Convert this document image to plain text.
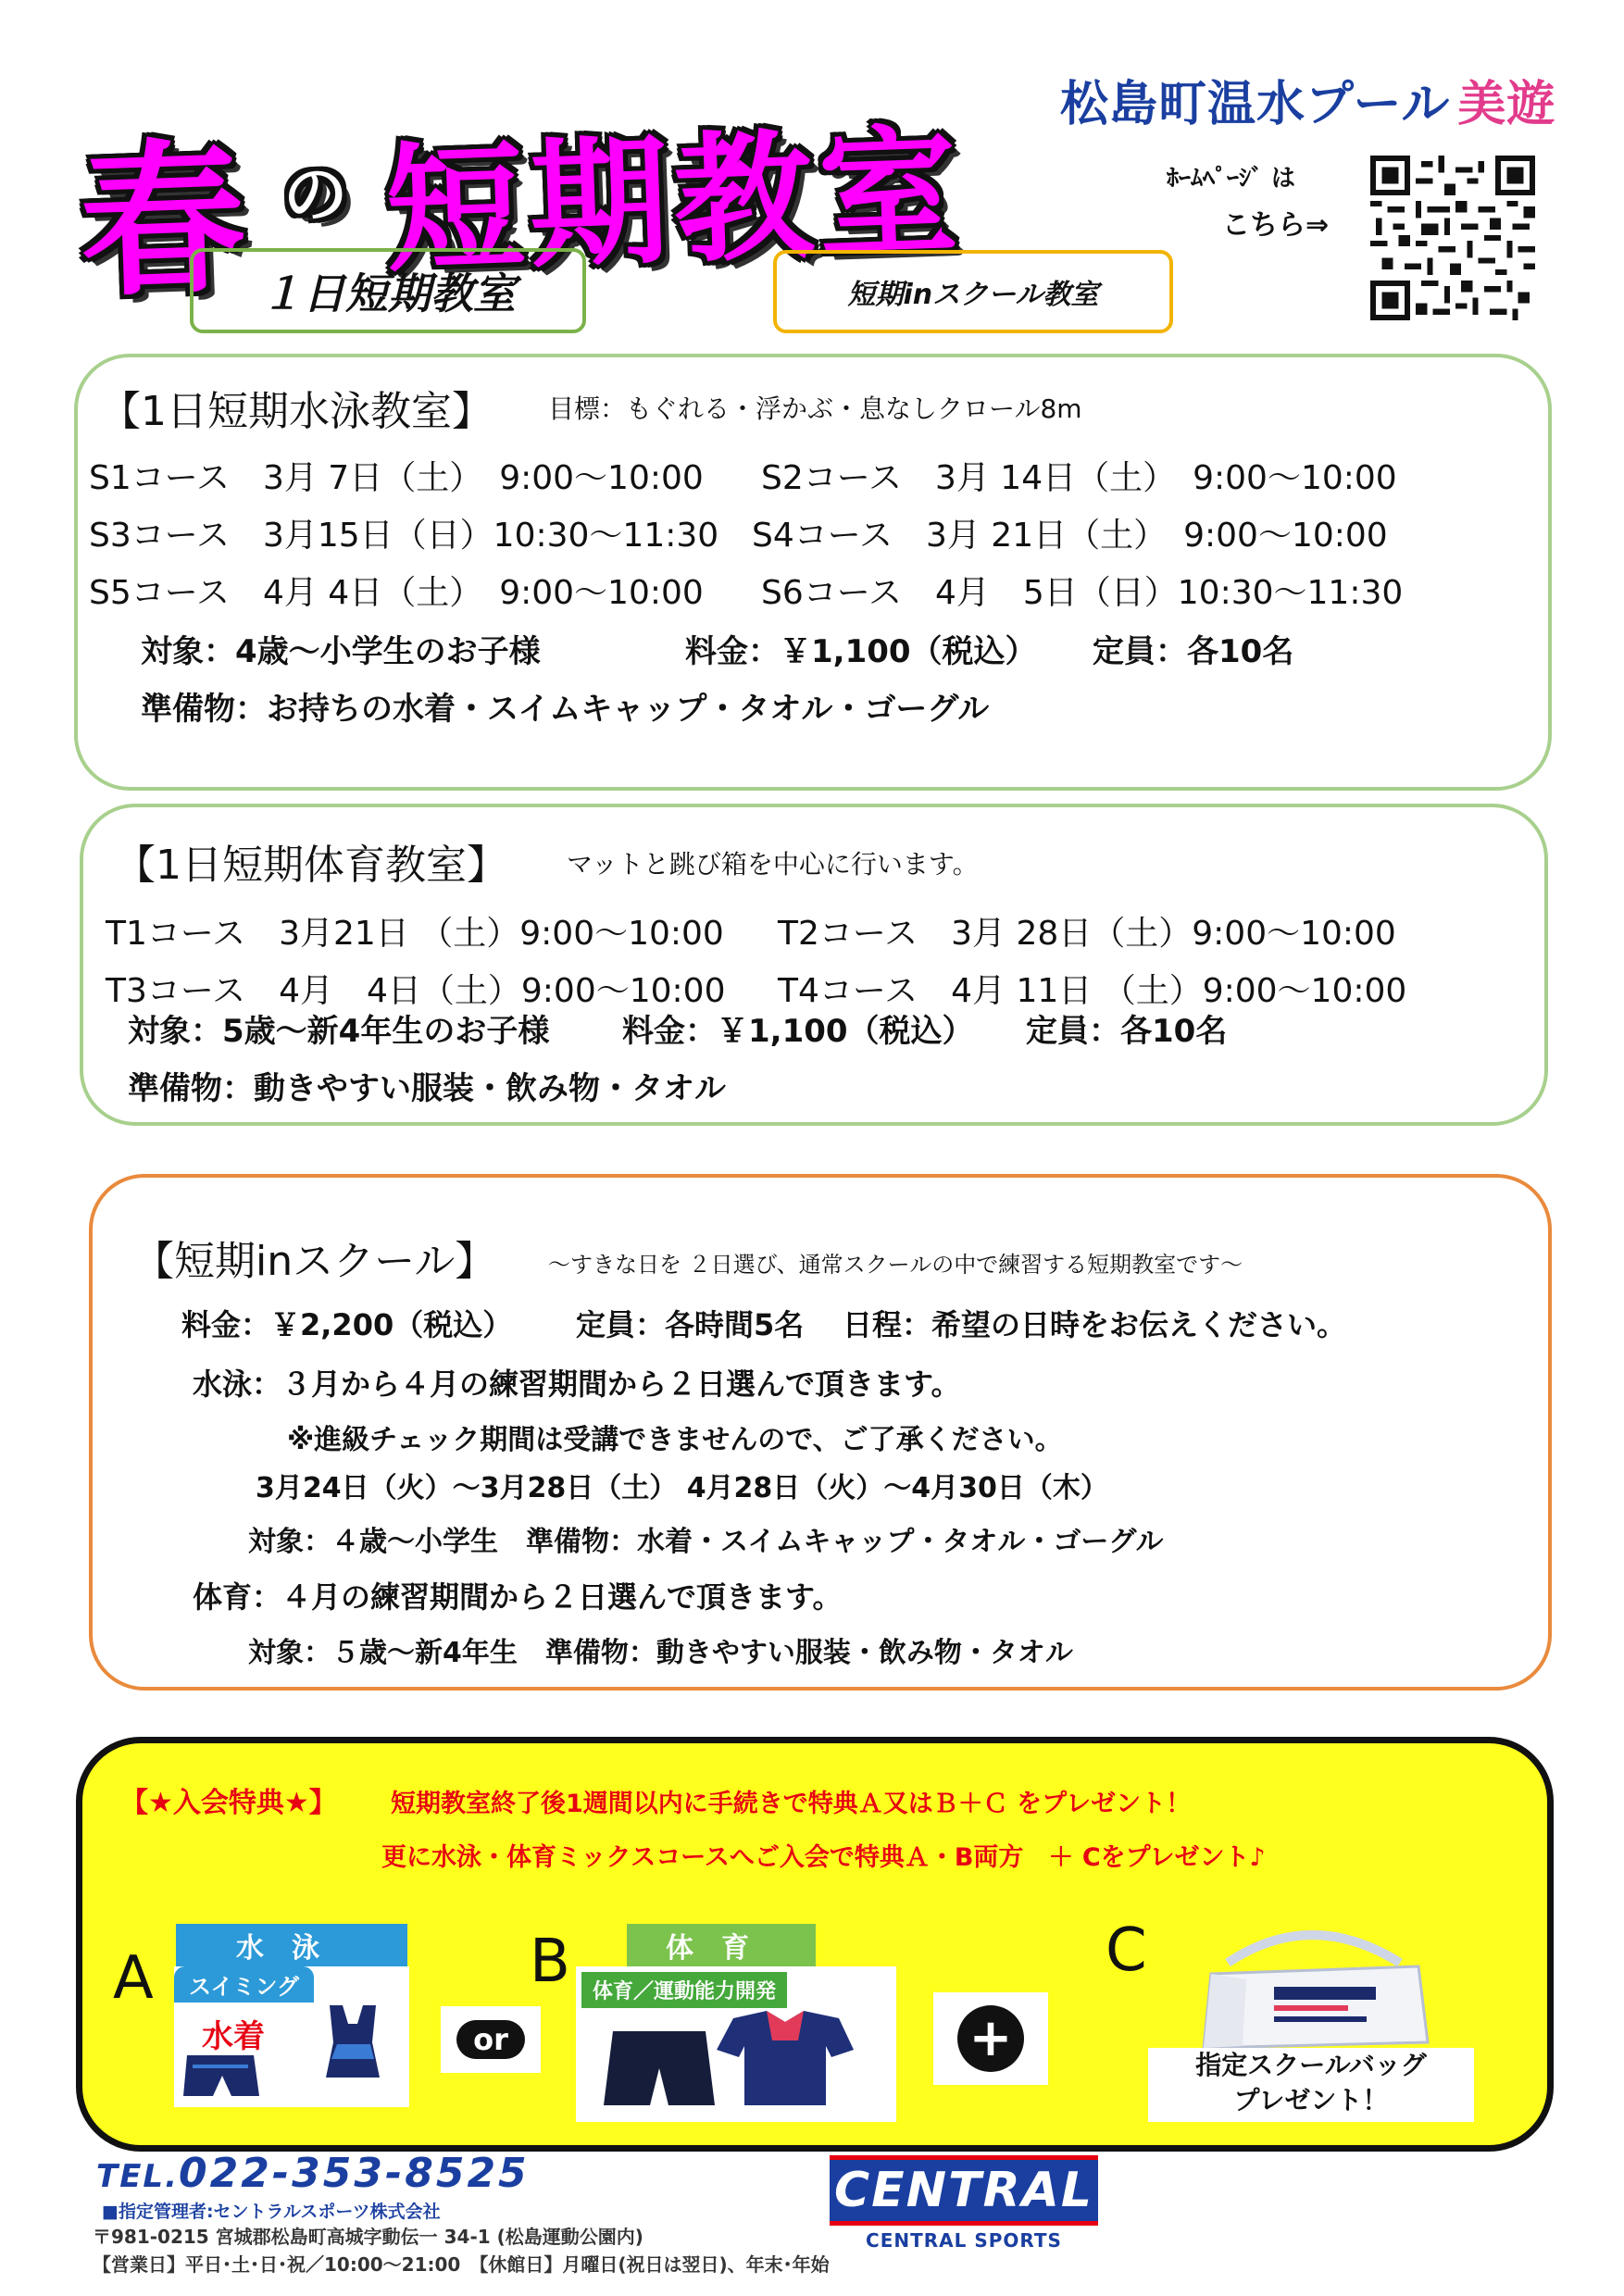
春 の 短期教室
松島町温水プール 美遊
ﾎｰﾑﾍﾟｰｼﾞ は
こちら⇒
１日短期教室	短期inスクール教室
【1日短期水泳教室】 目標：もぐれる・浮かぶ・息なしクロール8m
S1コース　3月 7日（土）　9:00～10:00 S2コース　3月 14日（土）　9:00～10:00
S3コース　3月15日（日）10:30～11:30 S4コース　3月 21日（土）　9:00～10:00
S5コース　4月 4日（土）　9:00～10:00 S6コース　4月　5日（日）10:30～11:30
対象：4歳～小学生のお子様	料金：￥1,100（税込） 定員：各10名
準備物：お持ちの水着・スイムキャップ・タオル・ゴーグル
【1日短期体育教室】 マットと跳び箱を中心に行います。
T1コース　3月21日 （土）9:00～10:00 T2コース　3月 28日（土）9:00～10:00
T3コース　4月　4日（土）9:00～10:00 T4コース　4月 11日 （土）9:00～10:00
対象：5歳～新4年生のお子様 料金：￥1,100（税込） 定員：各10名
準備物：動きやすい服装・飲み物・タオル
【短期inスクール】 ～すきな日を ２日選び、通常スクールの中で練習する短期教室です～
料金：￥2,200（税込） 定員：各時間5名 日程：希望の日時をお伝えください。
水泳：３月から４月の練習期間から２日選んで頂きます。
※進級チェック期間は受講できませんので、ご了承ください。
3月24日（火）～3月28日（土） 4月28日（火）～4月30日（木）
対象：４歳～小学生　準備物：水着・スイムキャップ・タオル・ゴーグル
体育：４月の練習期間から２日選んで頂きます。
対象：５歳～新4年生　準備物：動きやすい服装・飲み物・タオル
【★入会特典★】 短期教室終了後1週間以内に手続きで特典Ａ又はＢ＋Ｃ をプレゼント！
更に水泳・体育ミックスコースへご入会で特典Ａ・B両方　＋ Cをプレゼント♪
A	B	C
水泳	体育
スイミング
水着	or
体育／運動能力開発
+	指定スクールバッグ
プレゼント！
TEL.022-353-8525
■指定管理者:セントラルスポーツ株式会社
〒981-0215 宮城郡松島町高城字動伝一 34-1 (松島運動公園内)
【営業日】平日･土･日･祝／10:00～21:00　【休館日】月曜日(祝日は翌日)、年末･年始
CENTRAL
CENTRAL SPORTS
